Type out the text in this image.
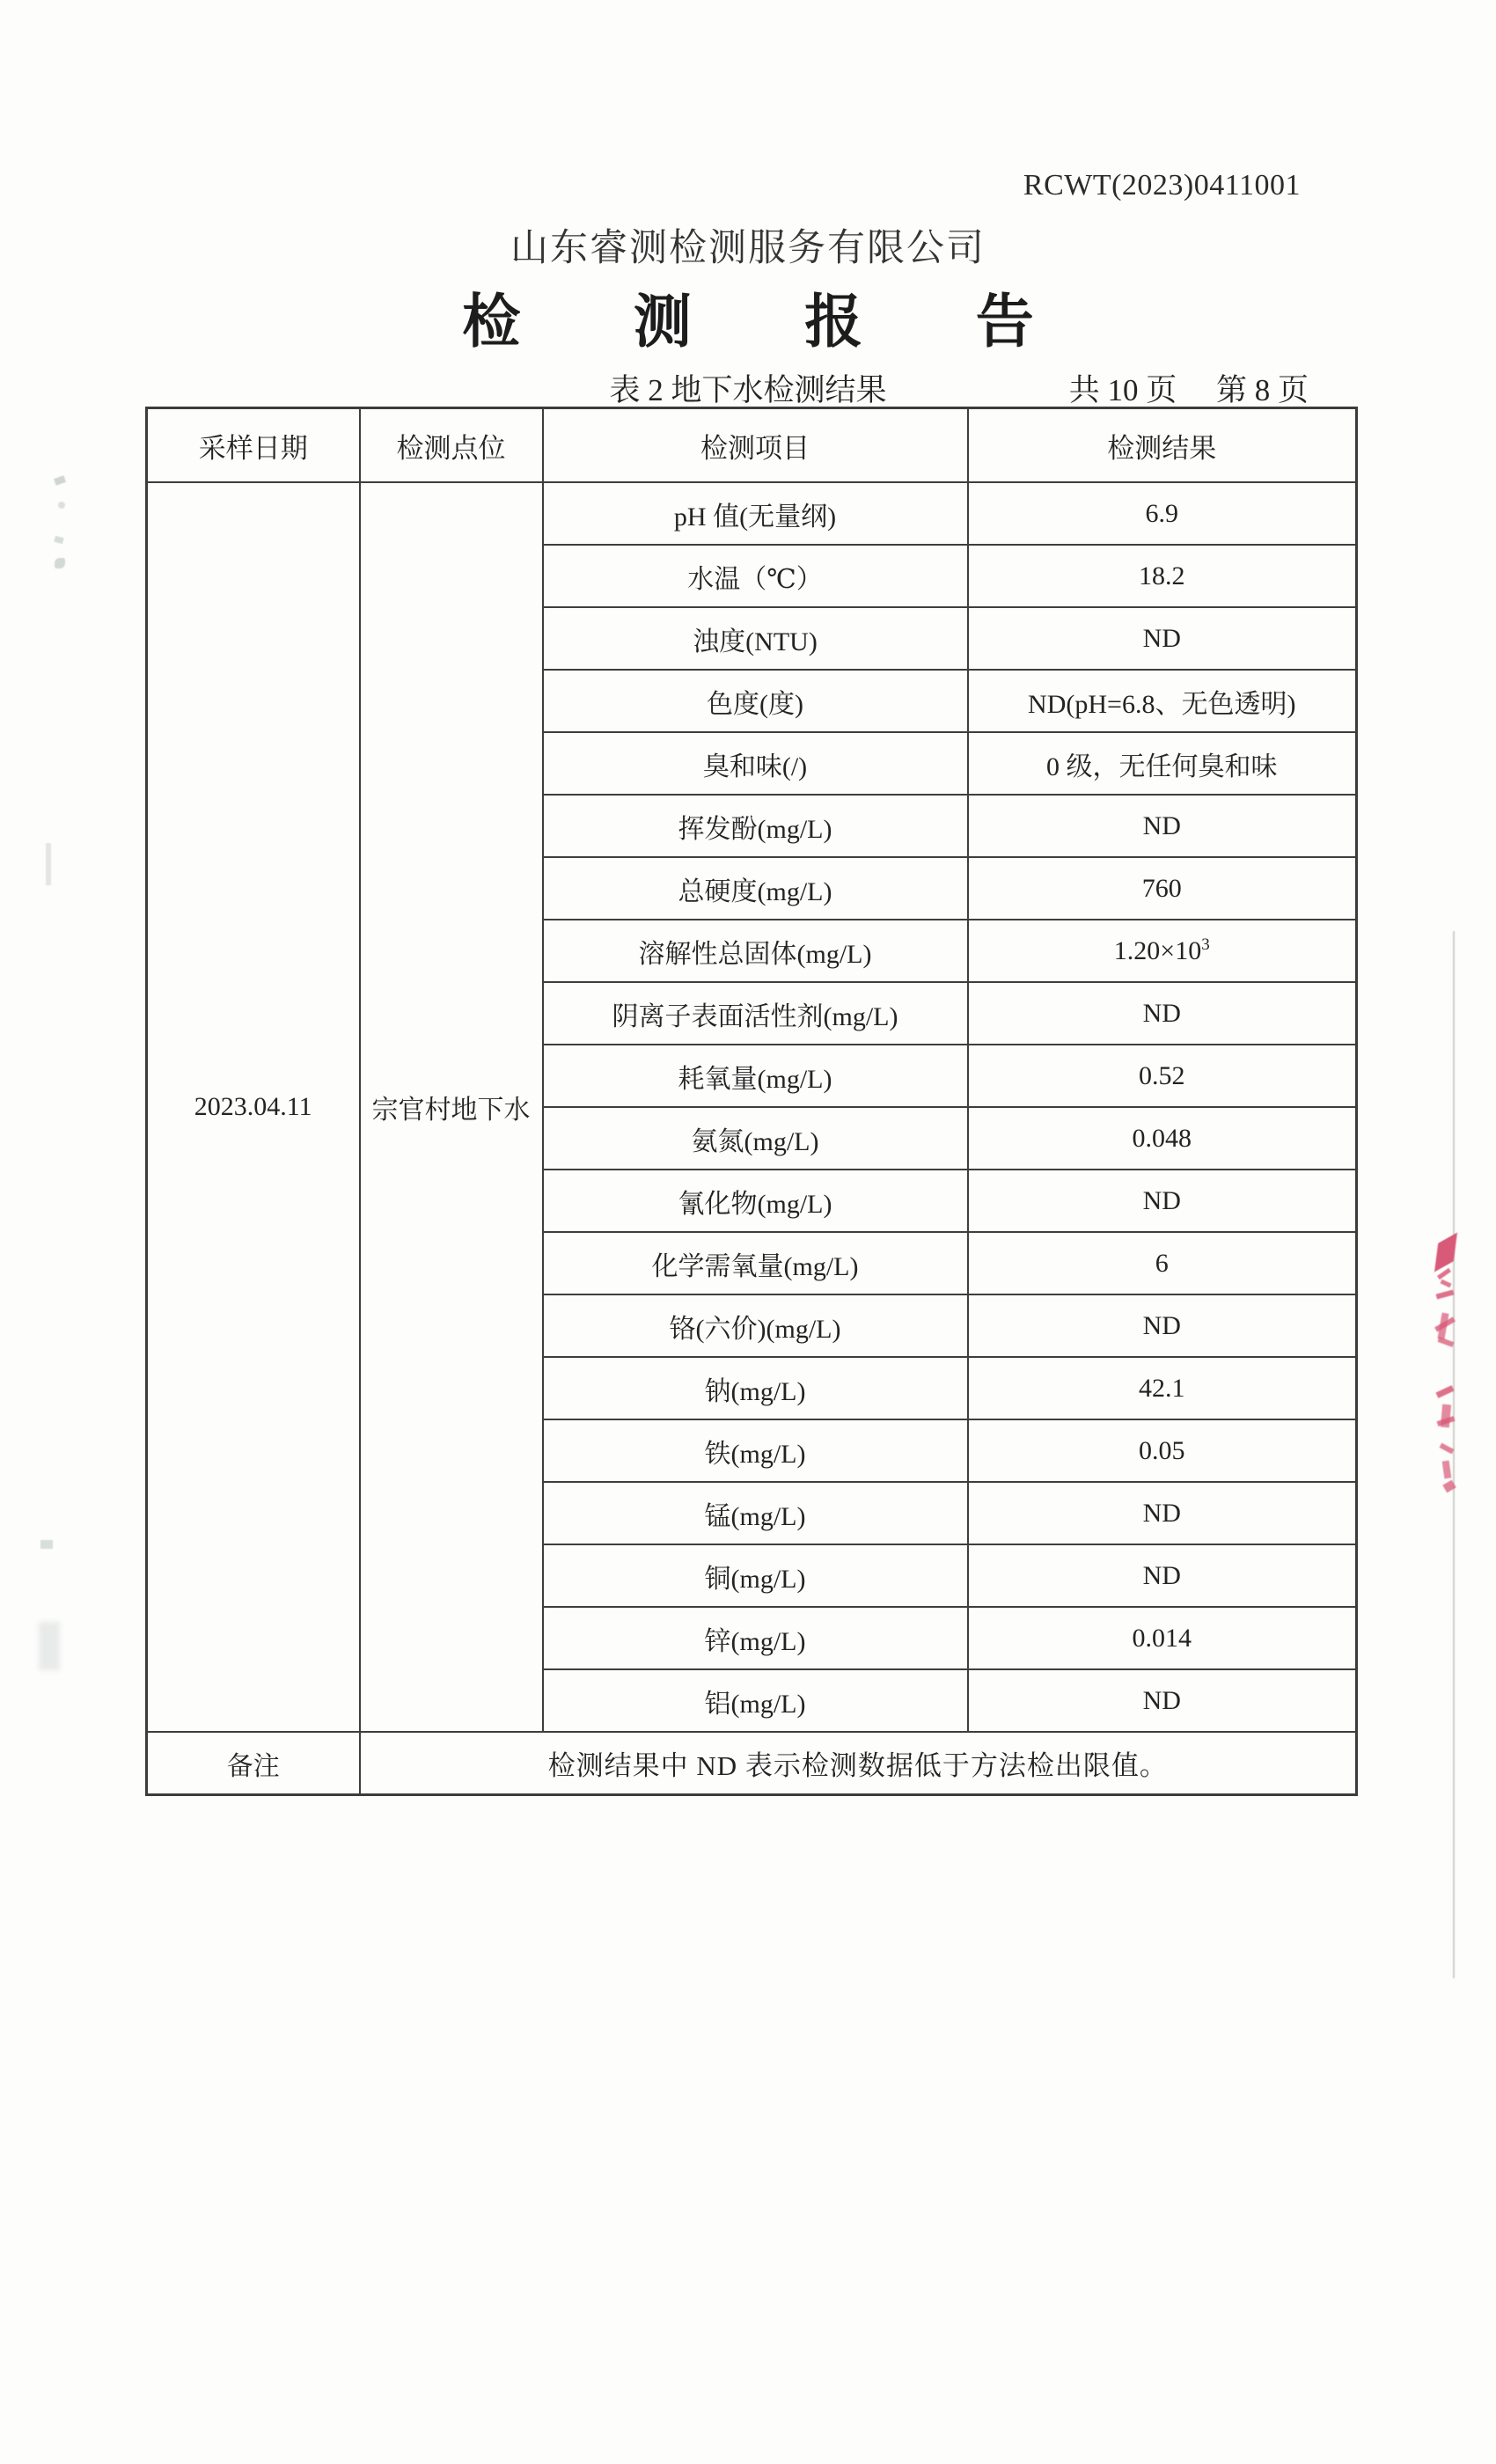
RCWT(2023)0411001
山东睿测检测服务有限公司
检 测 报 告
表 2 地下水检测结果	共 10 页 第 8 页
采样日期	检测点位	检测项目	检测结果
2023.04.11	宗官村地下水	pH 值(无量纲)	6.9
		水温（℃）	18.2
		浊度(NTU)	ND
		色度(度)	ND(pH=6.8、无色透明)
		臭和味(/)	0 级，无任何臭和味
		挥发酚(mg/L)	ND
		总硬度(mg/L)	760
		溶解性总固体(mg/L)	$1.20\times 10^3$
		阴离子表面活性剂(mg/L)	ND
		耗氧量(mg/L)	0.52
		氨氮(mg/L)	0.048
		氰化物(mg/L)	ND
		化学需氧量(mg/L)	6
		铬(六价)(mg/L)	ND
		钠(mg/L)	42.1
		铁(mg/L)	0.05
		锰(mg/L)	ND
		铜(mg/L)	ND
		锌(mg/L)	0.014
		铝(mg/L)	ND
备注	检测结果中 ND 表示检测数据低于方法检出限值。		
